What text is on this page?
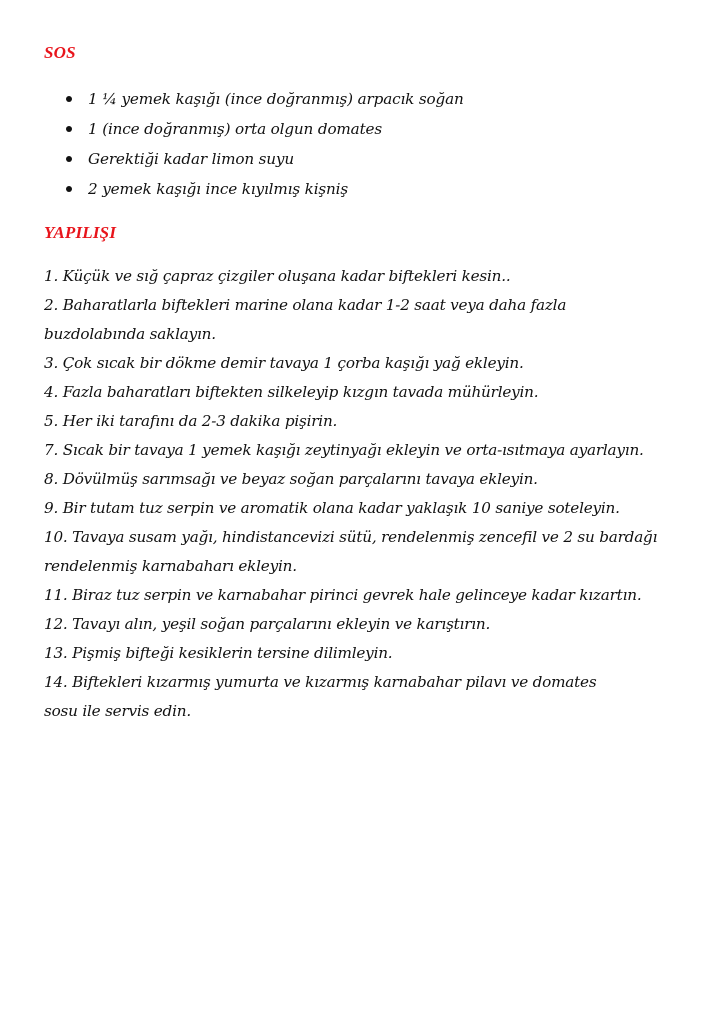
SOS
1 ¼ yemek kaşığı (ince doğranmış) arpacık soğan
1 (ince doğranmış) orta olgun domates
Gerektiği kadar limon suyu
2 yemek kaşığı ince kıyılmış kişniş
YAPILIŞI

1. Küçük ve sığ çapraz çizgiler oluşana kadar biftekleri kesin..

2. Baharatlarla biftekleri marine olana kadar 1-2 saat veya daha fazla

buzdolabında saklayın.

3. Çok sıcak bir dökme demir tavaya 1 çorba kaşığı yağ ekleyin.

4. Fazla baharatları biftekten silkeleyip kızgın tavada mühürleyin.

5. Her iki tarafını da 2-3 dakika pişirin.

7. Sıcak bir tavaya 1 yemek kaşığı zeytinyağı ekleyin ve orta-ısıtmaya ayarlayın.

8. Dövülmüş sarımsağı ve beyaz soğan parçalarını tavaya ekleyin.

9. Bir tutam tuz serpin ve aromatik olana kadar yaklaşık 10 saniye soteleyin.

10. Tavaya susam yağı, hindistancevizi sütü, rendelenmiş zencefil ve 2 su bardağı

rendelenmiş karnabaharı ekleyin.

11. Biraz tuz serpin ve karnabahar pirinci gevrek hale gelinceye kadar kızartın.

12. Tavayı alın, yeşil soğan parçalarını ekleyin ve karıştırın.

13. Pişmiş bifteği kesiklerin tersine dilimleyin.

14. Biftekleri kızarmış yumurta ve kızarmış karnabahar pilavı ve domates

sosu ile servis edin.
